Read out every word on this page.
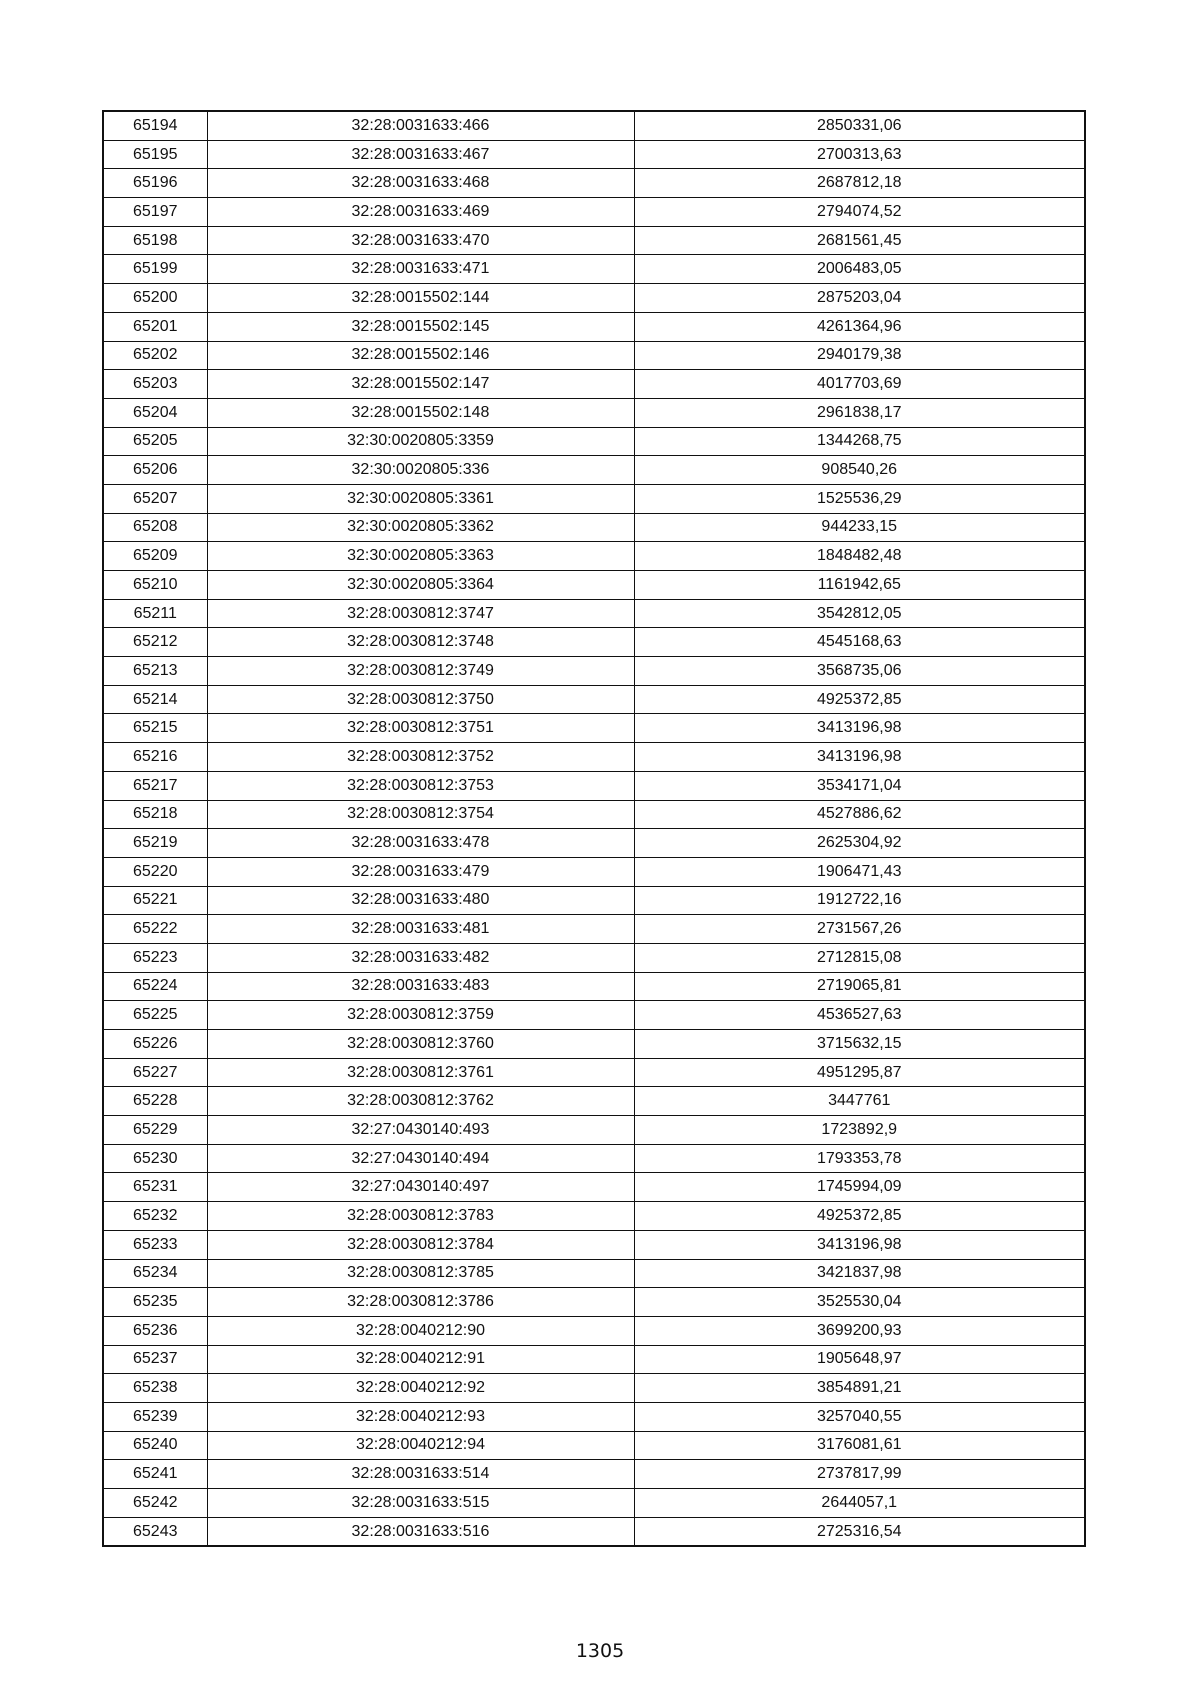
65194	32:28:0031633:466	2850331,06
65195	32:28:0031633:467	2700313,63
65196	32:28:0031633:468	2687812,18
65197	32:28:0031633:469	2794074,52
65198	32:28:0031633:470	2681561,45
65199	32:28:0031633:471	2006483,05
65200	32:28:0015502:144	2875203,04
65201	32:28:0015502:145	4261364,96
65202	32:28:0015502:146	2940179,38
65203	32:28:0015502:147	4017703,69
65204	32:28:0015502:148	2961838,17
65205	32:30:0020805:3359	1344268,75
65206	32:30:0020805:336	908540,26
65207	32:30:0020805:3361	1525536,29
65208	32:30:0020805:3362	944233,15
65209	32:30:0020805:3363	1848482,48
65210	32:30:0020805:3364	1161942,65
65211	32:28:0030812:3747	3542812,05
65212	32:28:0030812:3748	4545168,63
65213	32:28:0030812:3749	3568735,06
65214	32:28:0030812:3750	4925372,85
65215	32:28:0030812:3751	3413196,98
65216	32:28:0030812:3752	3413196,98
65217	32:28:0030812:3753	3534171,04
65218	32:28:0030812:3754	4527886,62
65219	32:28:0031633:478	2625304,92
65220	32:28:0031633:479	1906471,43
65221	32:28:0031633:480	1912722,16
65222	32:28:0031633:481	2731567,26
65223	32:28:0031633:482	2712815,08
65224	32:28:0031633:483	2719065,81
65225	32:28:0030812:3759	4536527,63
65226	32:28:0030812:3760	3715632,15
65227	32:28:0030812:3761	4951295,87
65228	32:28:0030812:3762	3447761
65229	32:27:0430140:493	1723892,9
65230	32:27:0430140:494	1793353,78
65231	32:27:0430140:497	1745994,09
65232	32:28:0030812:3783	4925372,85
65233	32:28:0030812:3784	3413196,98
65234	32:28:0030812:3785	3421837,98
65235	32:28:0030812:3786	3525530,04
65236	32:28:0040212:90	3699200,93
65237	32:28:0040212:91	1905648,97
65238	32:28:0040212:92	3854891,21
65239	32:28:0040212:93	3257040,55
65240	32:28:0040212:94	3176081,61
65241	32:28:0031633:514	2737817,99
65242	32:28:0031633:515	2644057,1
65243	32:28:0031633:516	2725316,54
1305
